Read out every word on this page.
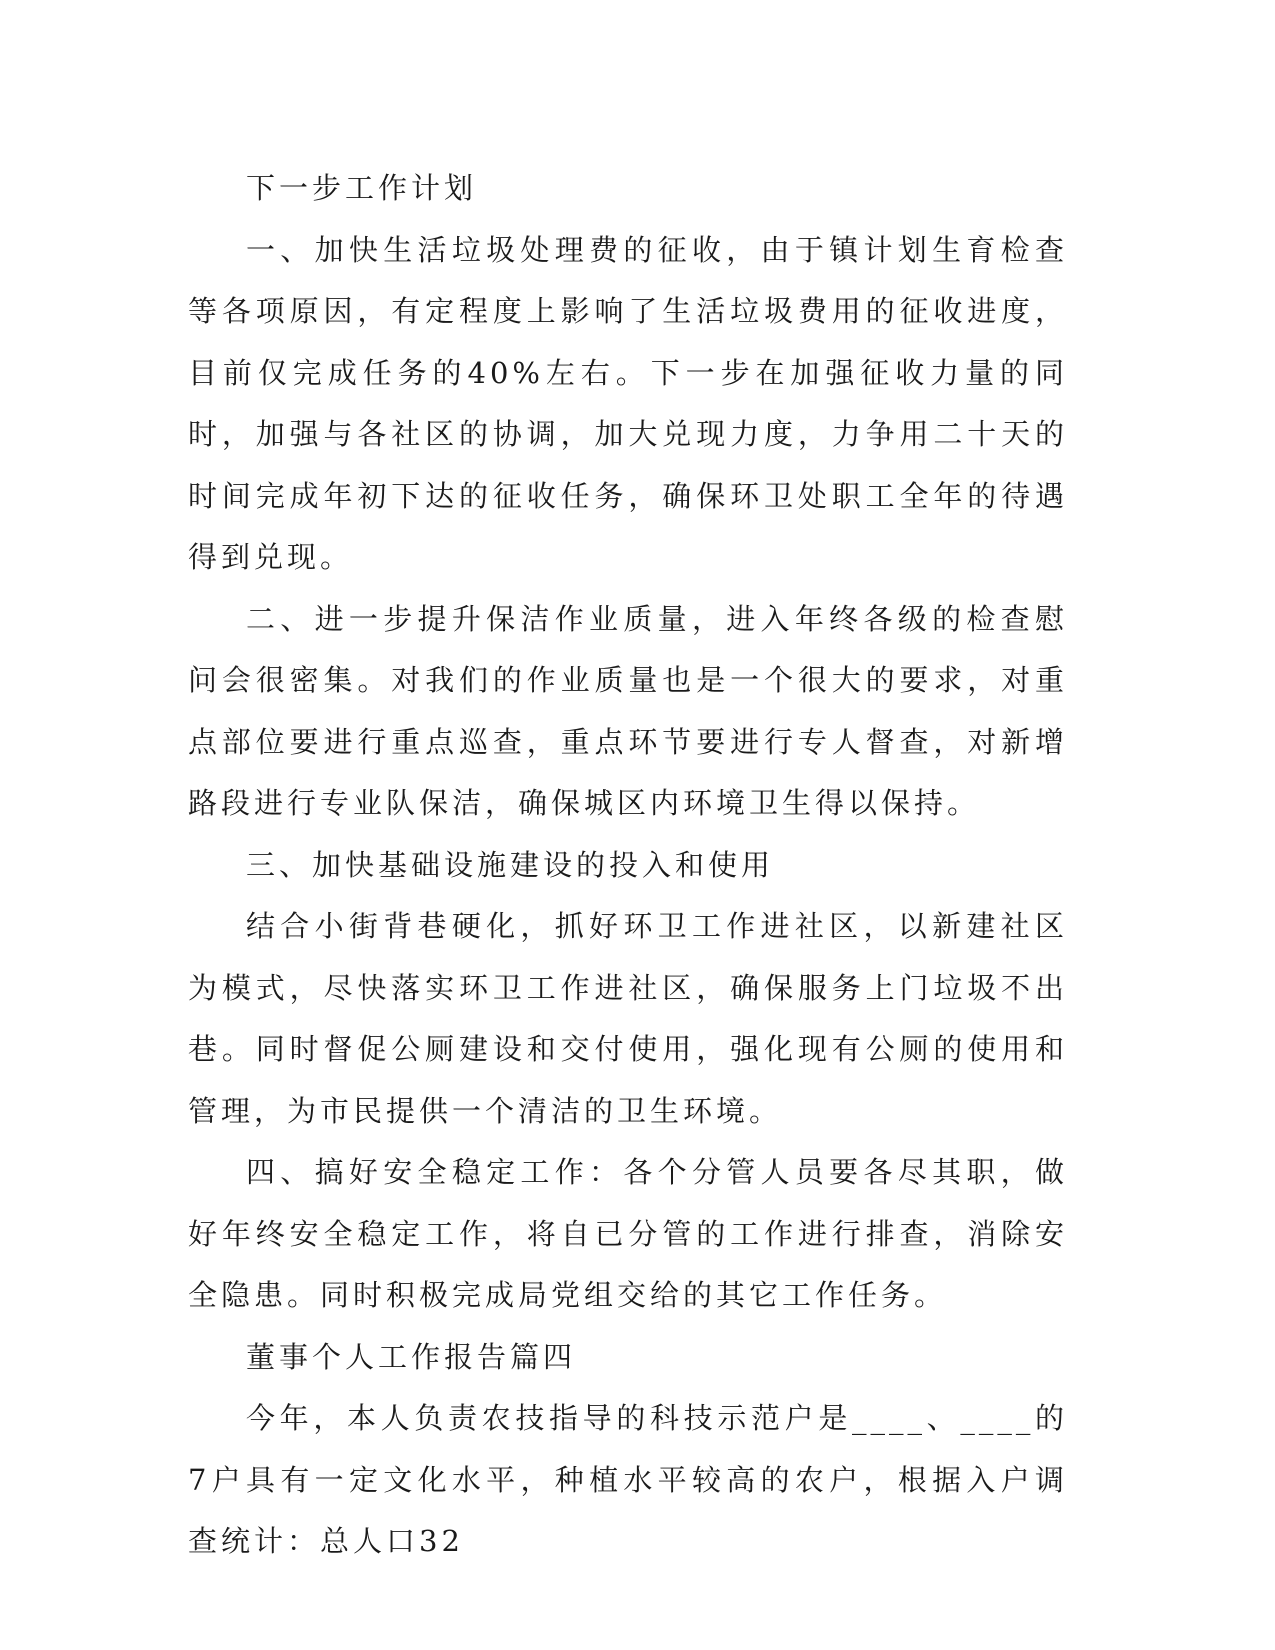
下一步工作计划

一、加快生活垃圾处理费的征收，由于镇计划生育检查等各项原因，有定程度上影响了生活垃圾费用的征收进度，目前仅完成任务的40%左右。下一步在加强征收力量的同时，加强与各社区的协调，加大兑现力度，力争用二十天的时间完成年初下达的征收任务，确保环卫处职工全年的待遇得到兑现。

二、进一步提升保洁作业质量，进入年终各级的检查慰问会很密集。对我们的作业质量也是一个很大的要求，对重点部位要进行重点巡查，重点环节要进行专人督查，对新增路段进行专业队保洁，确保城区内环境卫生得以保持。

三、加快基础设施建设的投入和使用

结合小街背巷硬化，抓好环卫工作进社区，以新建社区为模式，尽快落实环卫工作进社区，确保服务上门垃圾不出巷。同时督促公厕建设和交付使用，强化现有公厕的使用和管理，为市民提供一个清洁的卫生环境。

四、搞好安全稳定工作：各个分管人员要各尽其职，做好年终安全稳定工作，将自已分管的工作进行排查，消除安全隐患。同时积极完成局党组交给的其它工作任务。

董事个人工作报告篇四

今年，本人负责农技指导的科技示范户是____、____的7户具有一定文化水平，种植水平较高的农户，根据入户调查统计：总人口32
